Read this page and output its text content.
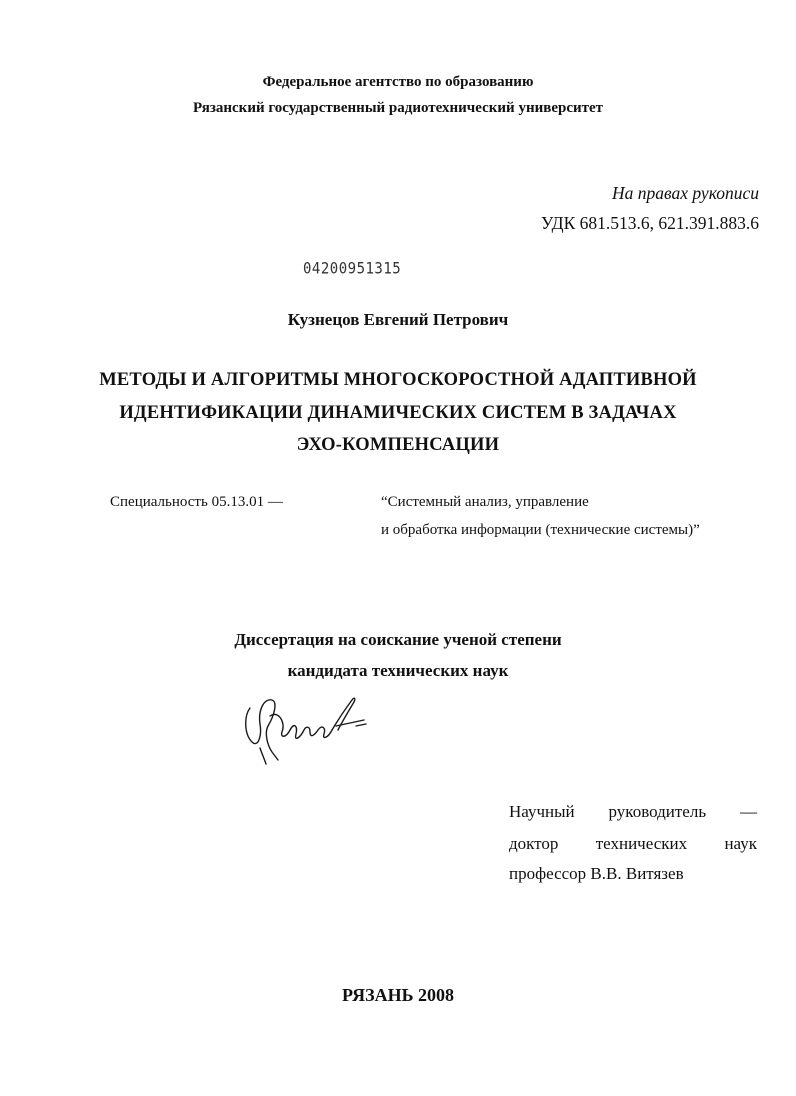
Федеральное агентство по образованию
Рязанский государственный радиотехнический университет
На правах рукописи
УДК 681.513.6, 621.391.883.6
04200951315
Кузнецов Евгений Петрович
МЕТОДЫ И АЛГОРИТМЫ МНОГОСКОРОСТНОЙ АДАПТИВНОЙ
ИДЕНТИФИКАЦИИ ДИНАМИЧЕСКИХ СИСТЕМ В ЗАДАЧАХ
ЭХО-КОМПЕНСАЦИИ
Специальность 05.13.01 —	“Системный анализ, управление
и обработка информации (технические системы)”
Диссертация на соискание ученой степени
кандидата технических наук
Научный руководитель —
доктор технических наук
профессор В.В. Витязев
РЯЗАНЬ 2008
